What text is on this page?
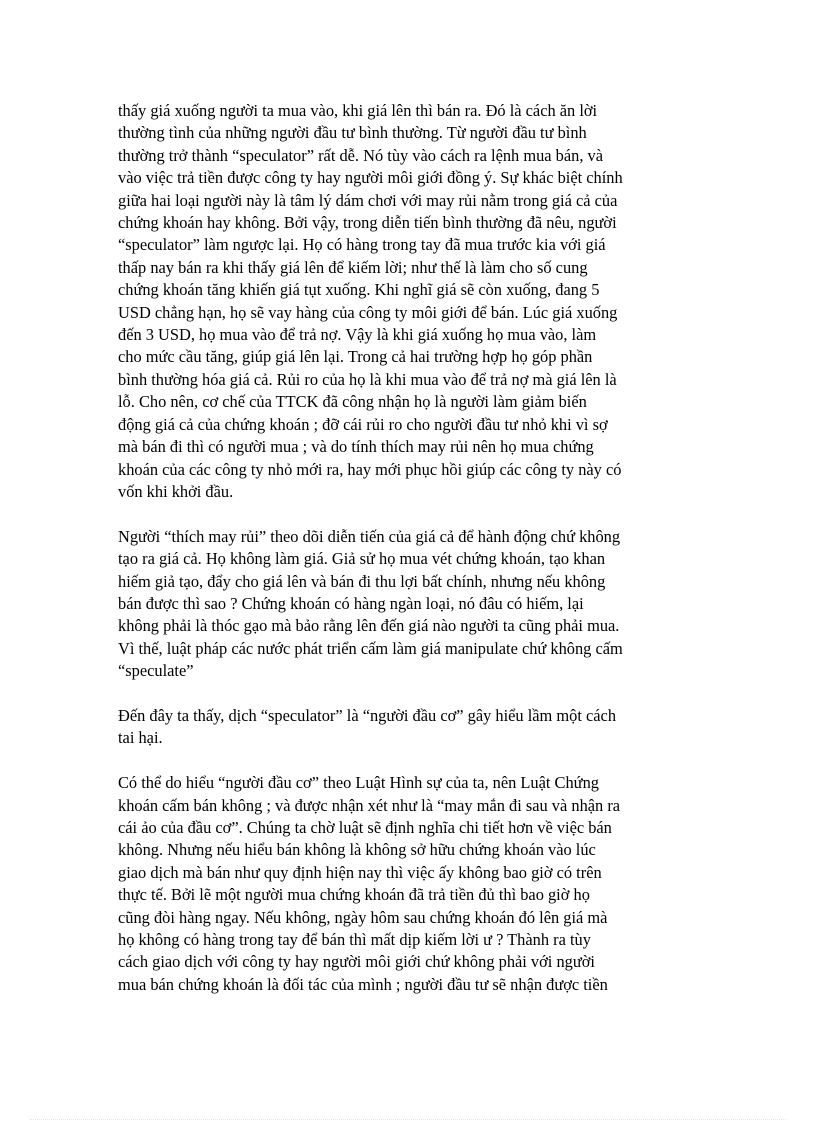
thấy giá xuống người ta mua vào, khi giá lên thì bán ra. Đó là cách ăn lời
thường tình của những người đầu tư bình thường. Từ người đầu tư bình
thường trở thành “speculator” rất dễ. Nó tùy vào cách ra lệnh mua bán, và
vào việc trả tiền được công ty hay người môi giới đồng ý. Sự khác biệt chính
giữa hai loại người này là tâm lý dám chơi với may rủi nằm trong giá cả của
chứng khoán hay không. Bởi vậy, trong diễn tiến bình thường đã nêu, người
“speculator” làm ngược lại. Họ có hàng trong tay đã mua trước kia với giá
thấp nay bán ra khi thấy giá lên để kiếm lời; như thế là làm cho số cung
chứng khoán tăng khiến giá tụt xuống. Khi nghĩ giá sẽ còn xuống, đang 5
USD chẳng hạn, họ sẽ vay hàng của công ty môi giới để bán. Lúc giá xuống
đến 3 USD, họ mua vào để trả nợ. Vậy là khi giá xuống họ mua vào, làm
cho mức cầu tăng, giúp giá lên lại. Trong cả hai trường hợp họ góp phần
bình thường hóa giá cả. Rủi ro của họ là khi mua vào để trả nợ mà giá lên là
lỗ. Cho nên, cơ chế của TTCK đã công nhận họ là người làm giảm biến
động giá cả của chứng khoán ; đỡ cái rủi ro cho người đầu tư nhỏ khi vì sợ
mà bán đi thì có người mua ; và do tính thích may rủi nên họ mua chứng
khoán của các công ty nhỏ mới ra, hay mới phục hồi giúp các công ty này có
vốn khi khởi đầu.

Người “thích may rủi” theo dõi diễn tiến của giá cả để hành động chứ không
tạo ra giá cả. Họ không làm giá. Giả sử họ mua vét chứng khoán, tạo khan
hiếm giả tạo, đẩy cho giá lên và bán đi thu lợi bất chính, nhưng nếu không
bán được thì sao ? Chứng khoán có hàng ngàn loại, nó đâu có hiếm, lại
không phải là thóc gạo mà bảo rằng lên đến giá nào người ta cũng phải mua.
Vì thế, luật pháp các nước phát triển cấm làm giá manipulate chứ không cấm
“speculate”

Đến đây ta thấy, dịch “speculator” là “người đầu cơ” gây hiểu lầm một cách
tai hại.

Có thể do hiểu “người đầu cơ” theo Luật Hình sự của ta, nên Luật Chứng
khoán cấm bán không ; và được nhận xét như là “may mắn đi sau và nhận ra
cái ảo của đầu cơ”. Chúng ta chờ luật sẽ định nghĩa chi tiết hơn về việc bán
không. Nhưng nếu hiểu bán không là không sở hữu chứng khoán vào lúc
giao dịch mà bán như quy định hiện nay thì việc ấy không bao giờ có trên
thực tế. Bởi lẽ một người mua chứng khoán đã trả tiền đủ thì bao giờ họ
cũng đòi hàng ngay. Nếu không, ngày hôm sau chứng khoán đó lên giá mà
họ không có hàng trong tay để bán thì mất dịp kiếm lời ư ? Thành ra tùy
cách giao dịch với công ty hay người môi giới chứ không phải với người
mua bán chứng khoán là đối tác của mình ; người đầu tư sẽ nhận được tiền
